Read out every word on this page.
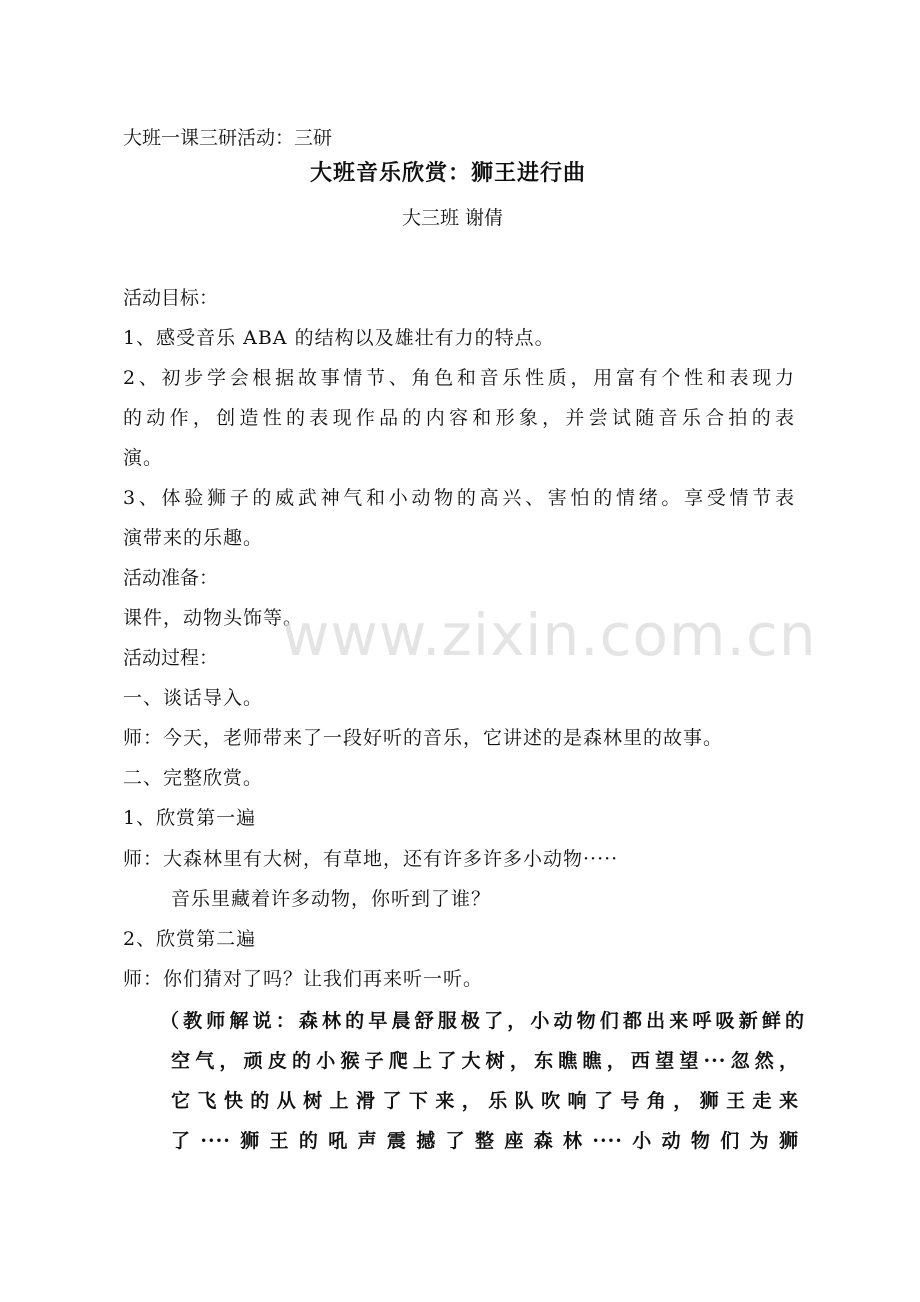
大班一课三研活动：三研
大班音乐欣赏：狮王进行曲
大三班 谢倩
活动目标：
1、感受音乐 ABA 的结构以及雄壮有力的特点。
2、初步学会根据故事情节、角色和音乐性质，用富有个性和表现力
的动作，创造性的表现作品的内容和形象，并尝试随音乐合拍的表
演。
3、体验狮子的威武神气和小动物的高兴、害怕的情绪。享受情节表
演带来的乐趣。
活动准备：
课件，动物头饰等。
活动过程：
一、谈话导入。
师：今天，老师带来了一段好听的音乐，它讲述的是森林里的故事。
二、完整欣赏。
1、欣赏第一遍
师：大森林里有大树，有草地，还有许多许多小动物·····
音乐里藏着许多动物，你听到了谁？
2、欣赏第二遍
师：你们猜对了吗？让我们再来听一听。
（教师解说：森林的早晨舒服极了，小动物们都出来呼吸新鲜的
空气，顽皮的小猴子爬上了大树，东瞧瞧，西望望···忽然，
它飞快的从树上滑了下来，乐队吹响了号角，狮王走来
了····狮王的吼声震撼了整座森林····小动物们为狮
www.zixin.com.cn
